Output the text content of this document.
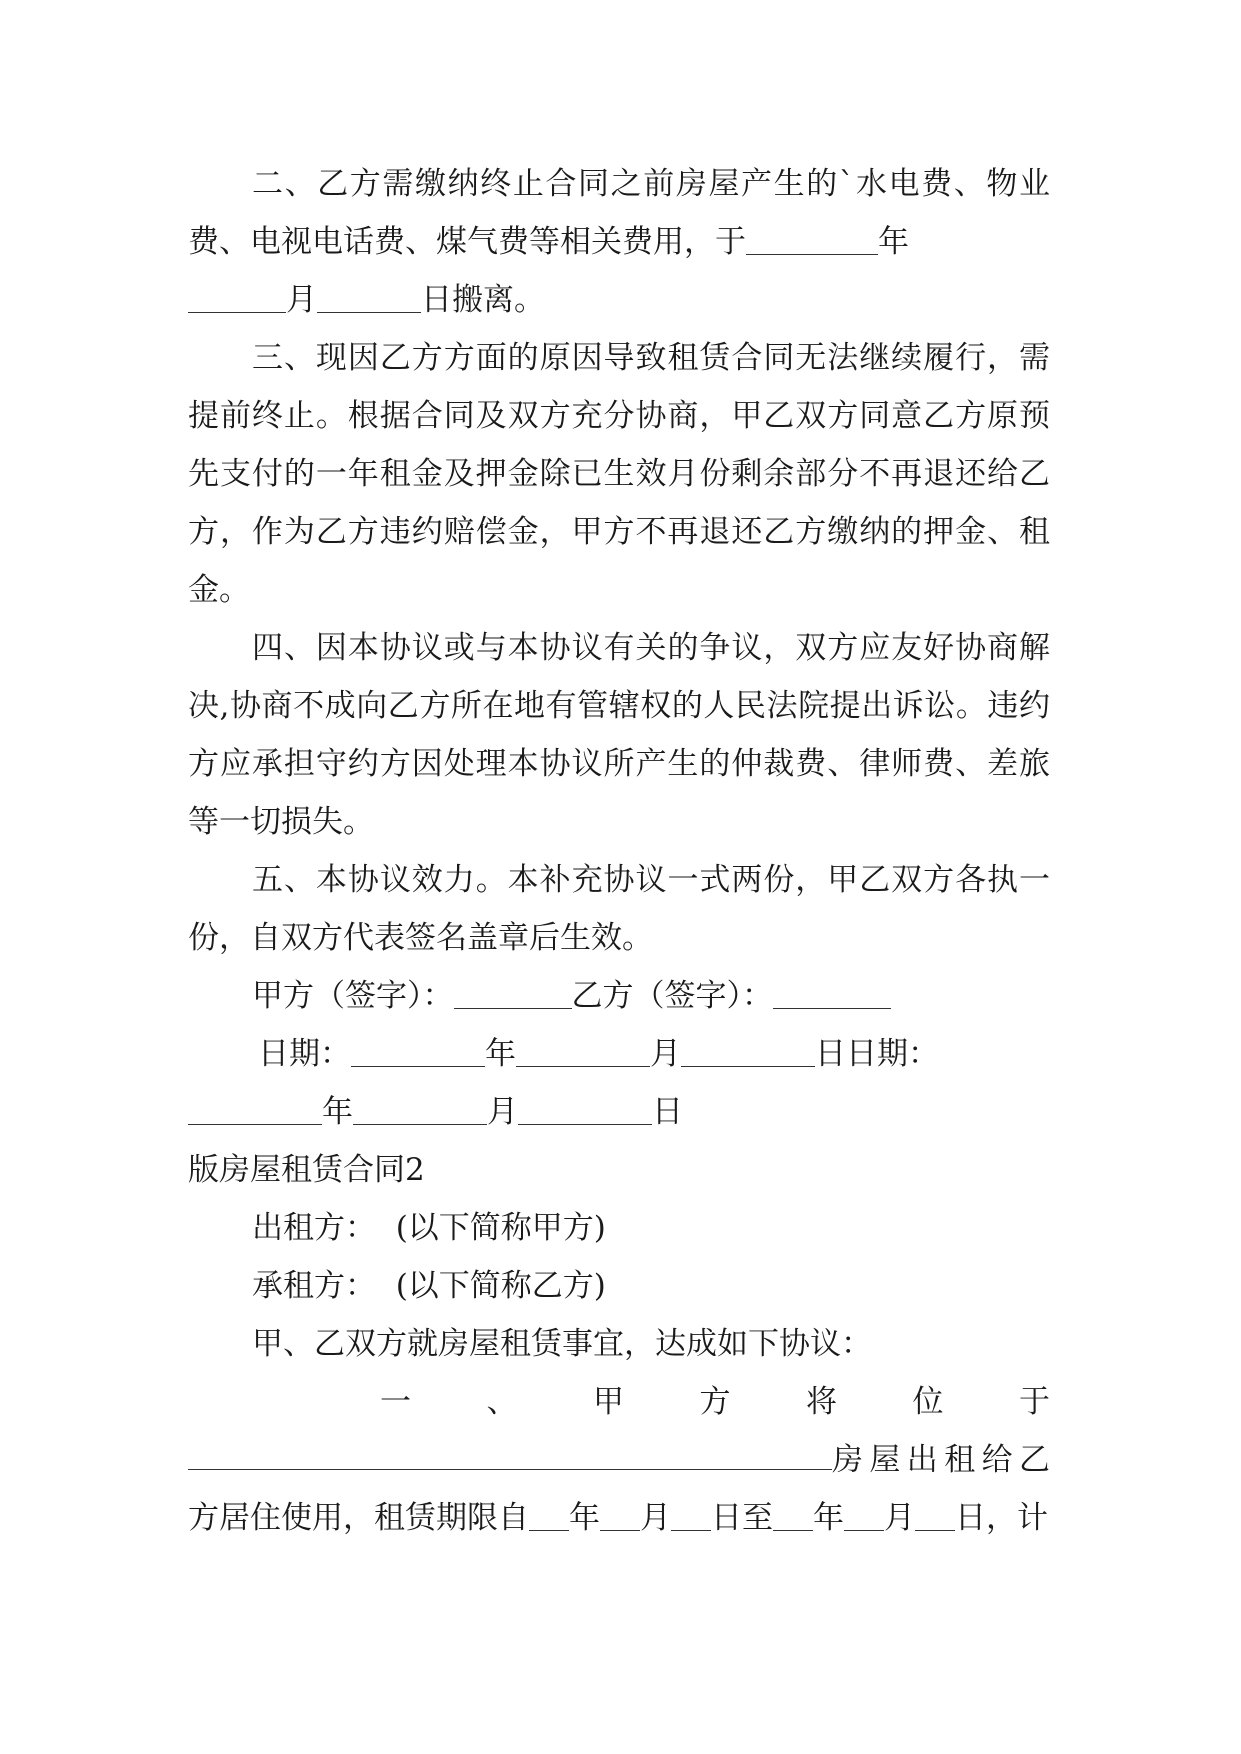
二、乙方需缴纳终止合同之前房屋产生的`水电费、物业费、电视电话费、煤气费等相关费用，于	年
月	日搬离。

三、现因乙方方面的原因导致租赁合同无法继续履行，需提前终止。根据合同及双方充分协商，甲乙双方同意乙方原预先支付的一年租金及押金除已生效月份剩余部分不再退还给乙方，作为乙方违约赔偿金，甲方不再退还乙方缴纳的押金、租金。

四、因本协议或与本协议有关的争议，双方应友好协商解决,协商不成向乙方所在地有管辖权的人民法院提出诉讼。违约方应承担守约方因处理本协议所产生的仲裁费、律师费、差旅等一切损失。

五、本协议效力。本补充协议一式两份，甲乙双方各执一份，自双方代表签名盖章后生效。

甲方（签字）：	乙方（签字）：

日期：	年	月	日日期：

年	月	日

版房屋租赁合同2

出租方：  (以下简称甲方)

承租方：  (以下简称乙方)

甲、乙双方就房屋租赁事宜，达成如下协议：

一 、 甲 方 将 位 于

房屋出租给乙

方居住使用，租赁期限自 年 月 日至 年 月 日，计
